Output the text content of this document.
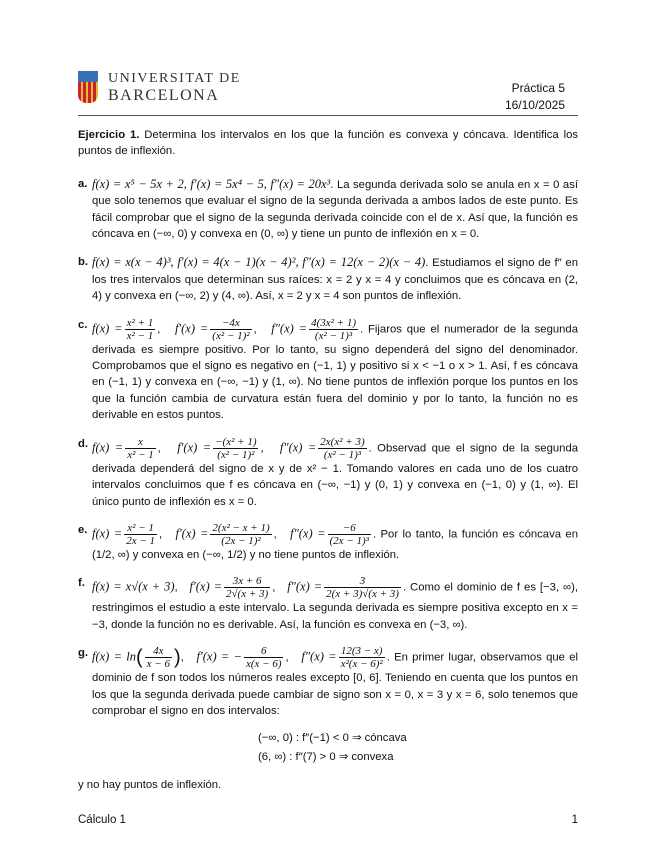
UNIVERSITAT DE
BARCELONA	Práctica 5
16/10/2025
Ejercicio 1. Determina los intervalos en los que la función es convexa y cóncava. Identifica los puntos de inflexión.
a. f(x) = x⁵ − 5x + 2, f′(x) = 5x⁴ − 5, f″(x) = 20x³. La segunda derivada solo se anula en x = 0 así que solo tenemos que evaluar el signo de la segunda derivada a ambos lados de este punto. Es fácil comprobar que el signo de la segunda derivada coincide con el de x. Así que, la función es cóncava en (−∞, 0) y convexa en (0, ∞) y tiene un punto de inflexión en x = 0.
b. f(x) = x(x − 4)³, f′(x) = 4(x − 1)(x − 4)², f″(x) = 12(x − 2)(x − 4). Estudiamos el signo de f″ en los tres intervalos que determinan sus raíces: x = 2 y x = 4 y concluimos que es cóncava en (2, 4) y convexa en (−∞, 2) y (4, ∞). Así, x = 2 y x = 4 son puntos de inflexión.
c. $f(x) = \frac{\text{x² + 1}}{\text{x² − 1}}$ ,   $f'(x) = \frac{-4x}{\text{(x² − 1)²}}$ ,   $f''(x) = \frac{\text{4(3x² + 1)}}{\text{(x² − 1)³}}$ . Fijaros que el numerador de la segunda derivada es siempre positivo. Por lo tanto, su signo dependerá del signo del denominador. Comprobamos que el signo es negativo en (−1, 1) y positivo si x < −1 o x > 1. Así, f es cóncava en (−1, 1) y convexa en (−∞, −1) y (1, ∞). No tiene puntos de inflexión porque los puntos en los que la función cambia de curvatura están fuera del dominio y por lo tanto, la función no es derivable en estos puntos.
d. $f(x) = \frac{x}{\text{x² − 1}}$ ,   $f'(x) = \frac{\text{−(x² + 1)}}{\text{(x² − 1)²}}$ ,   $f''(x) = \frac{\text{2x(x² + 3)}}{\text{(x² − 1)³}}$ . Observad que el signo de la segunda derivada dependerá del signo de x y de x² − 1. Tomando valores en cada uno de los cuatro intervalos concluimos que f es cóncava en (−∞, −1) y (0, 1) y convexa en (−1, 0) y (1, ∞). El único punto de inflexión es x = 0.
e. $f(x) = \frac{\text{x² − 1}}{2x - 1}$ ,   $f'(x) = \frac{\text{2(x² − x + 1)}}{\text{(2x − 1)²}}$ ,   $f''(x) = \frac{-6}{\text{(2x − 1)³}}$ . Por lo tanto, la función es cóncava en (1/2, ∞) y convexa en (−∞, 1/2) y no tiene puntos de inflexión.
f. f(x) = x√(x + 3),   $f'(x) = \frac{3x + 6}{2√(x + 3)}$ ,   $f''(x) = \frac{3}{2(x + 3)√(x + 3)}$ . Como el dominio de f es [−3, ∞), restringimos el estudio a este intervalo. La segunda derivada es siempre positiva excepto en x = −3, donde la función no es derivable. Así, la función es convexa en (−3, ∞).
g. $f(x) = \ln( \frac{4x}{x - 6}$ ),   f′(x) = − $\frac{6}{x(x - 6)}$ ,   $f''(x) = \frac{12(3 - x)}{\text{x²(x − 6)²}}$ . En primer lugar, observamos que el dominio de f son todos los números reales excepto [0, 6]. Teniendo en cuenta que los puntos en los que la segunda derivada puede cambiar de signo son x = 0, x = 3 y x = 6, solo tenemos que comprobar el signo en dos intervalos:
(−∞, 0) : f″(−1) < 0 ⇒ cóncava
(6, ∞) : f″(7) > 0 ⇒ convexa
y no hay puntos de inflexión.
Cálculo 1	1
